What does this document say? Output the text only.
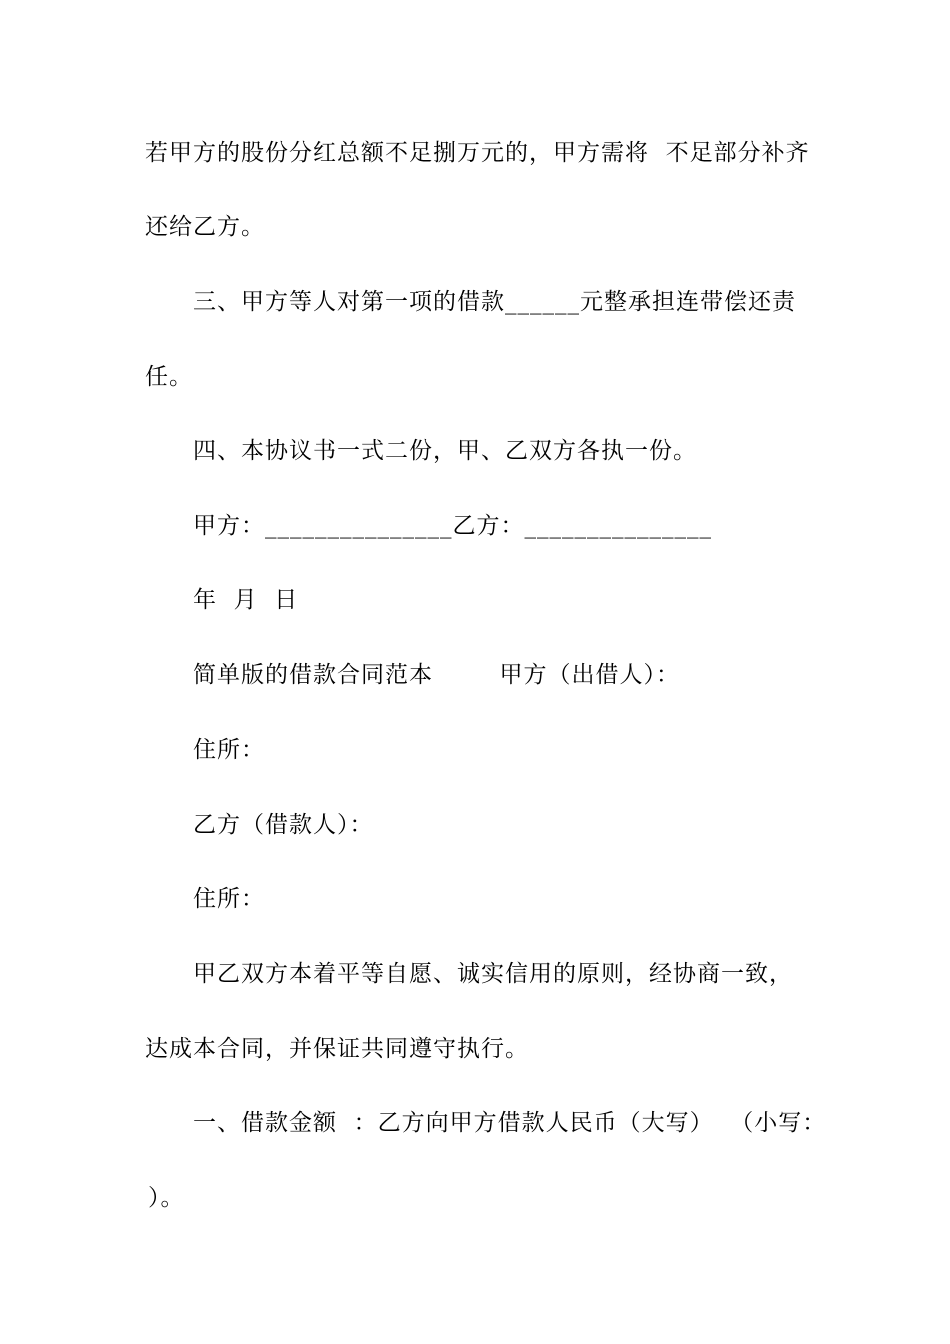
若甲方的股份分红总额不足捌万元的，甲方需将  不足部分补齐
还给乙方。
三、甲方等人对第一项的借款______元整承担连带偿还责
任。
四、本协议书一式二份，甲、乙双方各执一份。
甲方：_______________乙方：_______________
年  月  日
简单版的借款合同范本        甲方（出借人）：
住所：
乙方（借款人）：
住所：
甲乙双方本着平等自愿、诚实信用的原则，经协商一致，
达成本合同，并保证共同遵守执行。
一、借款金额  ：乙方向甲方借款人民币（大写）  （小写：
）。
